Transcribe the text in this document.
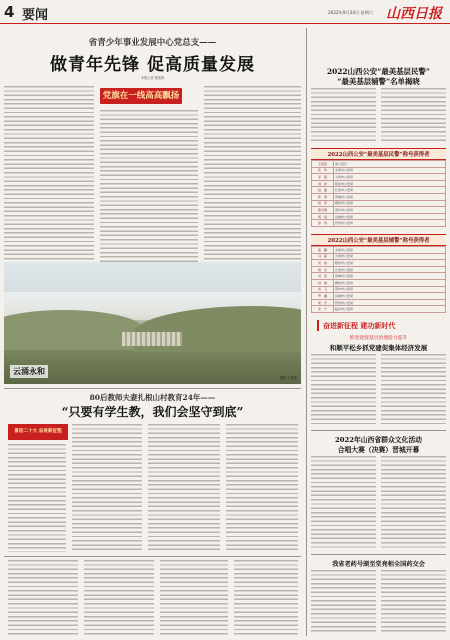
4 要闻	2022年9月24日 星期六 山西日报
省青少年事业发展中心党总支——
做青年先锋 促高质量发展
本报记者 陈俊锋
党旗在一线高高飘扬
云涌永和
摄影 王某某
80后教师夫妻扎根山村教育24年——
“只要有学生教，我们会坚守到底”
喜迎二十大 奋进新征程
2022山西公安“最美基层民警”
“最美基层辅警”名单揭晓
2022山西公安“最美基层民警”称号获得者
王某某	省公安厅
张　伟	太原市公安局
李　强	大同市公安局
刘　洋	阳泉市公安局
赵　磊	长治市公安局
陈　勇	晋城市公安局
杨　军	朔州市公安局
郭志刚	晋中市公安局
周　斌	运城市公安局
孙　涛	忻州市公安局
2022山西公安“最美基层辅警”称号获得者
高　鹏	太原市公安局
马　超	大同市公安局
吴　昊	阳泉市公安局
胡　杰	长治市公安局
冯　亮	晋城市公安局
林　峰	朔州市公安局
何　飞	晋中市公安局
罗　鑫	运城市公安局
梁　宇	忻州市公安局
宋　宁	临汾市公安局
奋进新征程 建功新时代
抓党建促基层治理能力提升
和顺平松乡抓党建促集体经济发展
2022年山西省群众文化活动
合唱大赛（决赛）晋城开幕
我省老药号颁至堂亮相全国药交会
